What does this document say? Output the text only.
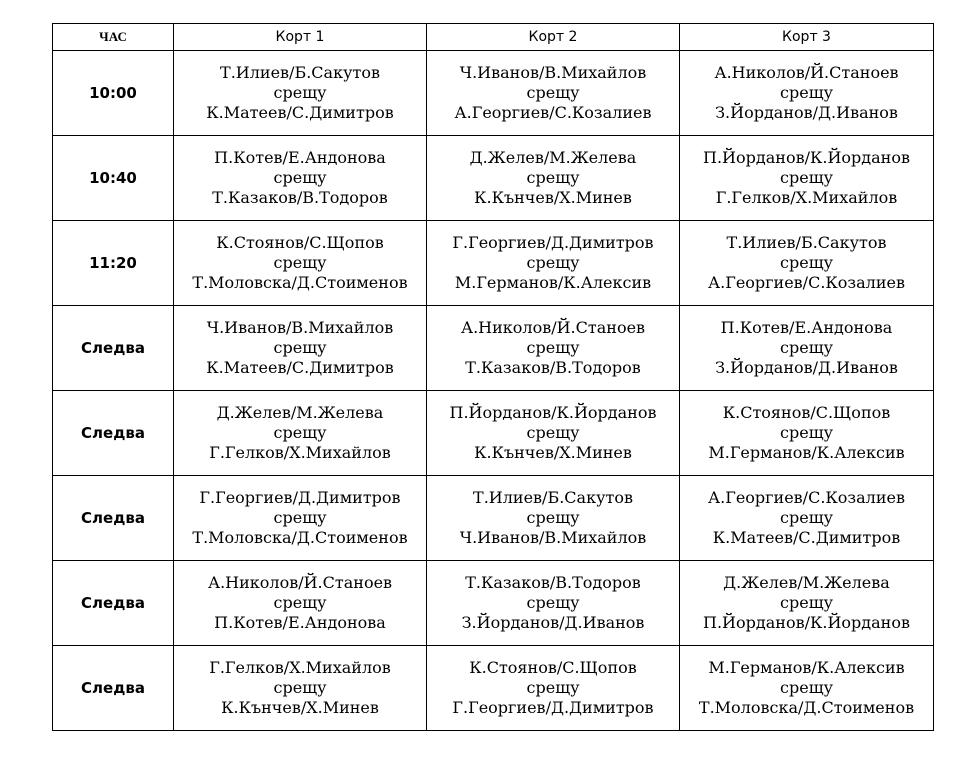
ЧАС	Корт 1	Корт 2	Корт 3
10:00	Т.Илиев/Б.Сакутов
срещу
К.Матеев/С.Димитров	Ч.Иванов/В.Михайлов
срещу
А.Георгиев/С.Козалиев	А.Николов/Й.Станоев
срещу
З.Йорданов/Д.Иванов

10:40	П.Котев/Е.Андонова
срещу
Т.Казаков/В.Тодоров	Д.Желев/М.Желева
срещу
К.Кънчев/Х.Минев	П.Йорданов/К.Йорданов
срещу
Г.Гелков/Х.Михайлов

11:20	К.Стоянов/С.Щопов
срещу
Т.Моловска/Д.Стоименов	Г.Георгиев/Д.Димитров
срещу
М.Германов/К.Алексив	Т.Илиев/Б.Сакутов
срещу
А.Георгиев/С.Козалиев

Следва	Ч.Иванов/В.Михайлов
срещу
К.Матеев/С.Димитров	А.Николов/Й.Станоев
срещу
Т.Казаков/В.Тодоров	П.Котев/Е.Андонова
срещу
З.Йорданов/Д.Иванов

Следва	Д.Желев/М.Желева
срещу
Г.Гелков/Х.Михайлов	П.Йорданов/К.Йорданов
срещу
К.Кънчев/Х.Минев	К.Стоянов/С.Щопов
срещу
М.Германов/К.Алексив

Следва	Г.Георгиев/Д.Димитров
срещу
Т.Моловска/Д.Стоименов	Т.Илиев/Б.Сакутов
срещу
Ч.Иванов/В.Михайлов	А.Георгиев/С.Козалиев
срещу
К.Матеев/С.Димитров

Следва	А.Николов/Й.Станоев
срещу
П.Котев/Е.Андонова	Т.Казаков/В.Тодоров
срещу
З.Йорданов/Д.Иванов	Д.Желев/М.Желева
срещу
П.Йорданов/К.Йорданов

Следва	Г.Гелков/Х.Михайлов
срещу
К.Кънчев/Х.Минев	К.Стоянов/С.Щопов
срещу
Г.Георгиев/Д.Димитров	М.Германов/К.Алексив
срещу
Т.Моловска/Д.Стоименов
